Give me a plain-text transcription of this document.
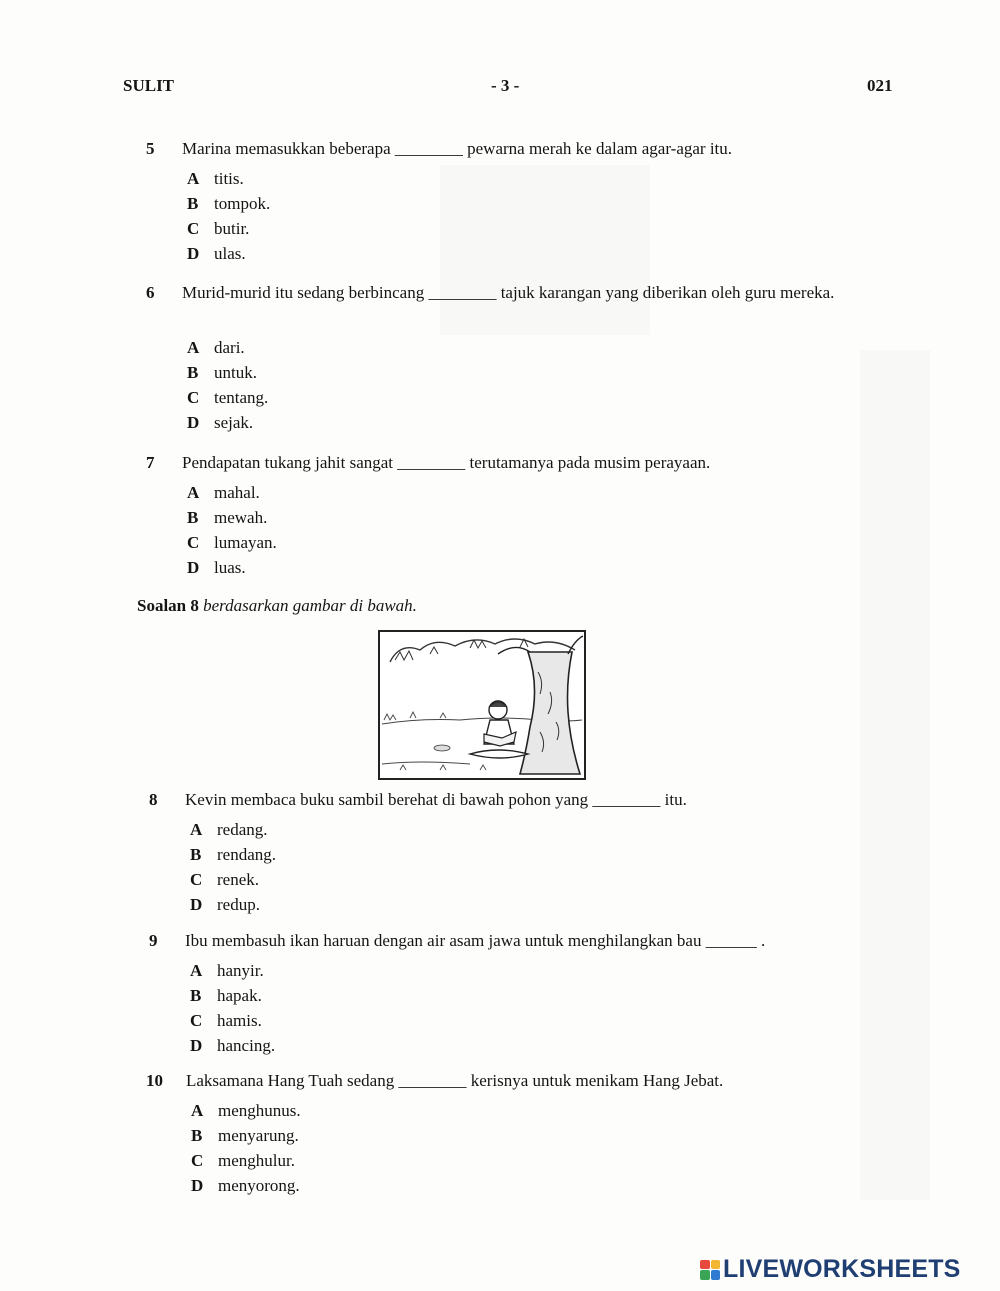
SULIT	- 3 -	021
5 Marina memasukkan beberapa ________ pewarna merah ke dalam agar-agar itu.
A titis.
B tompok.
C butir.
D ulas.
6 Murid-murid itu sedang berbincang ________ tajuk karangan yang diberikan oleh guru mereka.
A dari.
B untuk.
C tentang.
D sejak.
7 Pendapatan tukang jahit sangat ________ terutamanya pada musim perayaan.
A mahal.
B mewah.
C lumayan.
D luas.
Soalan 8 berdasarkan gambar di bawah.
8 Kevin membaca buku sambil berehat di bawah pohon yang ________ itu.
A redang.
B rendang.
C renek.
D redup.
9 Ibu membasuh ikan haruan dengan air asam jawa untuk menghilangkan bau ______ .
A hanyir.
B hapak.
C hamis.
D hancing.
10 Laksamana Hang Tuah sedang ________ kerisnya untuk menikam Hang Jebat.
A menghunus.
B menyarung.
C menghulur.
D menyorong.
LIVEWORKSHEETS
